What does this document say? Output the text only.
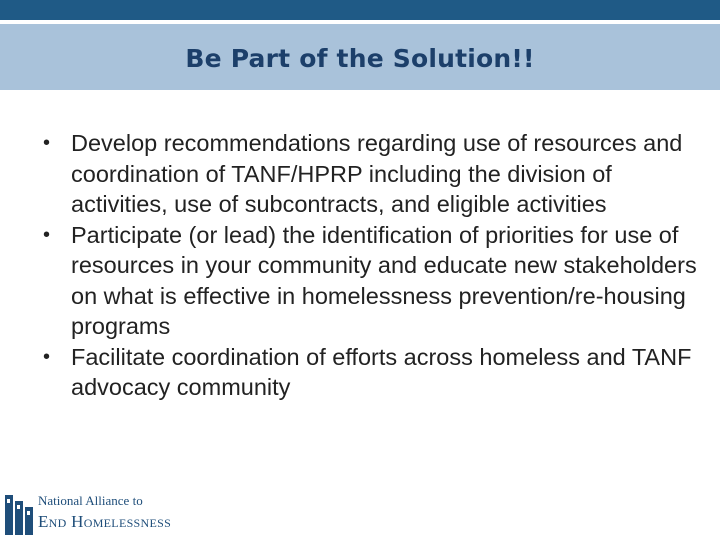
Be Part of the Solution!!
• Develop recommendations regarding use of resources and coordination of TANF/HPRP including the division of activities, use of subcontracts, and eligible activities
• Participate (or lead) the identification of priorities for use of resources in your community and educate new stakeholders on what is effective in homelessness prevention/re-housing programs
• Facilitate coordination of efforts across homeless and TANF advocacy community
National Alliance to
End Homelessness
